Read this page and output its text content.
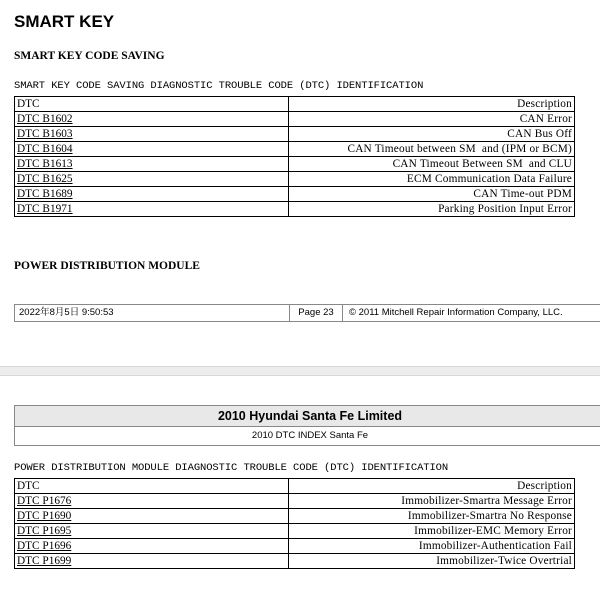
SMART KEY
SMART KEY CODE SAVING
SMART KEY CODE SAVING DIAGNOSTIC TROUBLE CODE (DTC) IDENTIFICATION
DTC	Description
DTC B1602	CAN Error
DTC B1603	CAN Bus Off
DTC B1604	CAN Timeout between SM  and (IPM or BCM)
DTC B1613	CAN Timeout Between SM  and CLU
DTC B1625	ECM Communication Data Failure
DTC B1689	CAN Time-out PDM
DTC B1971	Parking Position Input Error
POWER DISTRIBUTION MODULE
2022年8月5日 9:50:53	Page 23	© 2011 Mitchell Repair Information Company, LLC.
2010 Hyundai Santa Fe Limited
2010 DTC INDEX Santa Fe
POWER DISTRIBUTION MODULE DIAGNOSTIC TROUBLE CODE (DTC) IDENTIFICATION
DTC	Description
DTC P1676	Immobilizer-Smartra Message Error
DTC P1690	Immobilizer-Smartra No Response
DTC P1695	Immobilizer-EMC Memory Error
DTC P1696	Immobilizer-Authentication Fail
DTC P1699	Immobilizer-Twice Overtrial
